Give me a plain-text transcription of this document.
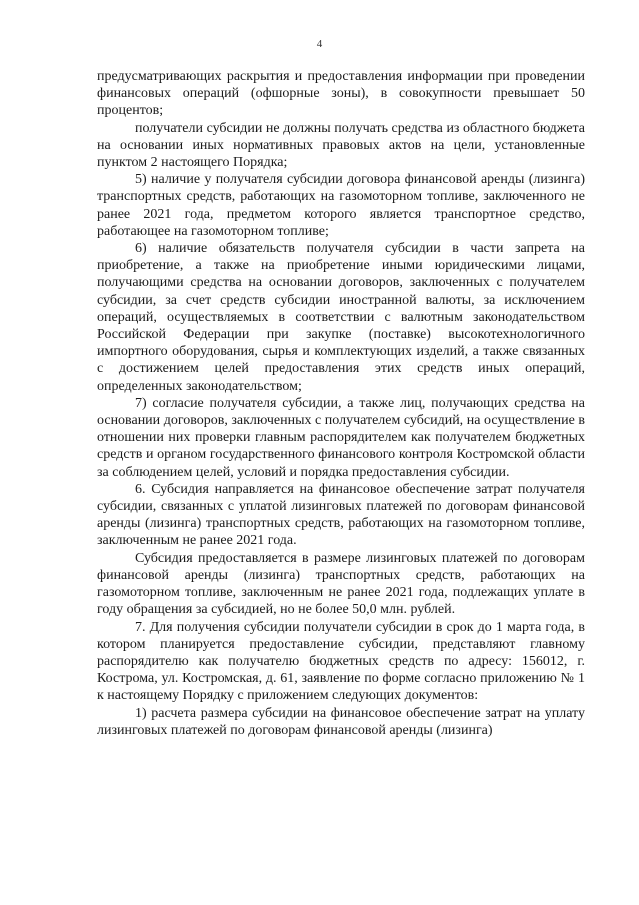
4

предусматривающих раскрытия и предоставления информации при проведении финансовых операций (офшорные зоны), в совокупности превышает 50 процентов;

получатели субсидии не должны получать средства из областного бюджета на основании иных нормативных правовых актов на цели, установленные пунктом 2 настоящего Порядка;

5) наличие у получателя субсидии договора финансовой аренды (лизинга) транспортных средств, работающих на газомоторном топливе, заключенного не ранее 2021 года, предметом которого является транспортное средство, работающее на газомоторном топливе;

6) наличие обязательств получателя субсидии в части запрета на приобретение, а также на приобретение иными юридическими лицами, получающими средства на основании договоров, заключенных с получателем субсидии, за счет средств субсидии иностранной валюты, за исключением операций, осуществляемых в соответствии с валютным законодательством Российской Федерации при закупке (поставке) высокотехнологичного импортного оборудования, сырья и комплектующих изделий, а также связанных с достижением целей предоставления этих средств иных операций, определенных законодательством;

7) согласие получателя субсидии, а также лиц, получающих средства на основании договоров, заключенных с получателем субсидий, на осуществление в отношении них проверки главным распорядителем как получателем бюджетных средств и органом государственного финансового контроля Костромской области за соблюдением целей, условий и порядка предоставления субсидии.

6. Субсидия направляется на финансовое обеспечение затрат получателя субсидии, связанных с уплатой лизинговых платежей по договорам финансовой аренды (лизинга) транспортных средств, работающих на газомоторном топливе, заключенным не ранее 2021 года.

Субсидия предоставляется в размере лизинговых платежей по договорам финансовой аренды (лизинга) транспортных средств, работающих на газомоторном топливе, заключенным не ранее 2021 года, подлежащих уплате в году обращения за субсидией, но не более 50,0 млн. рублей.

7. Для получения субсидии получатели субсидии в срок до 1 марта года, в котором планируется предоставление субсидии, представляют главному распорядителю как получателю бюджетных средств по адресу: 156012, г. Кострома, ул. Костромская, д. 61, заявление по форме согласно приложению № 1 к настоящему Порядку с приложением следующих документов:

1) расчета размера субсидии на финансовое обеспечение затрат на уплату лизинговых платежей по договорам финансовой аренды (лизинга)
